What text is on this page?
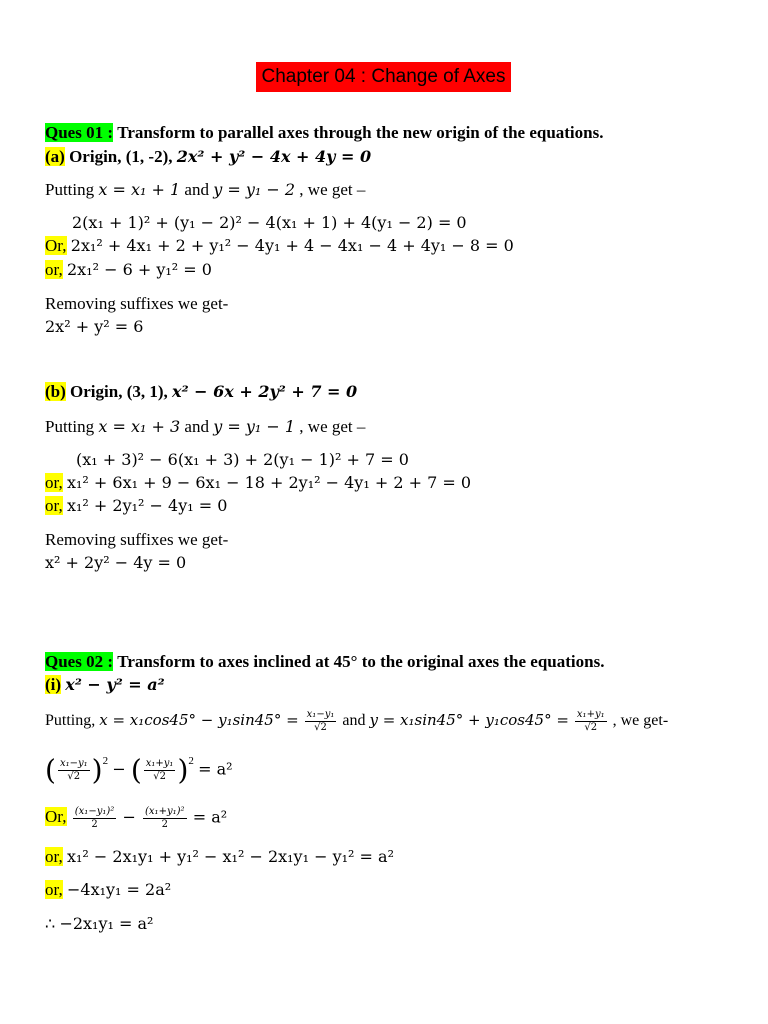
Chapter 04 : Change of Axes
Ques 01 : Transform to parallel axes through the new origin of the equations.
(a) Origin, (1, -2), 2x² + y² − 4x + 4y = 0
Putting x = x₁ + 1 and y = y₁ − 2 , we get –
2(x₁ + 1)² + (y₁ − 2)² − 4(x₁ + 1) + 4(y₁ − 2) = 0
Or, 2x₁² + 4x₁ + 2 + y₁² − 4y₁ + 4 − 4x₁ − 4 + 4y₁ − 8 = 0
or, 2x₁² − 6 + y₁² = 0
Removing suffixes we get-
2x² + y² = 6
(b) Origin, (3, 1), x² − 6x + 2y² + 7 = 0
Putting x = x₁ + 3 and y = y₁ − 1 , we get –
(x₁ + 3)² − 6(x₁ + 3) + 2(y₁ − 1)² + 7 = 0
or, x₁² + 6x₁ + 9 − 6x₁ − 18 + 2y₁² − 4y₁ + 2 + 7 = 0
or, x₁² + 2y₁² − 4y₁ = 0
Removing suffixes we get-
x² + 2y² − 4y = 0
Ques 02 : Transform to axes inclined at 45° to the original axes the equations.
(i) x² − y² = a²
Putting, $x = x_1\cos 45^\circ - y_1\sin 45^\circ = \frac{\text{x₁−y₁}}{√2}$ and $y = x_1\sin 45^\circ + y_1\cos 45^\circ = \frac{\text{x₁+y₁}}{√2}$ , we get-
( $\frac{\text{x₁−y₁}}{√2} )^2$ − ( $\frac{\text{x₁+y₁}}{√2} )^2 = a^2$
Or, $\frac{\text{(x₁−y₁)²}}{2} - \frac{\text{(x₁+y₁)²}}{2} = a^2$
or, x₁² − 2x₁y₁ + y₁² − x₁² − 2x₁y₁ − y₁² = a²
or, −4x₁y₁ = 2a²
∴ −2x₁y₁ = a²
